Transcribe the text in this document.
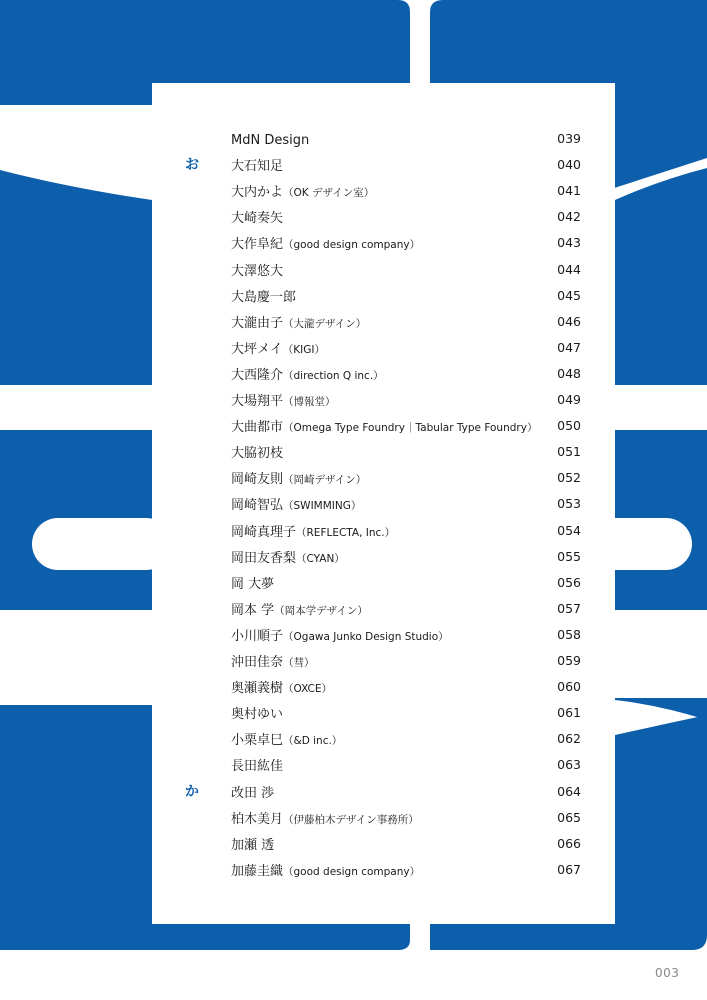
MdN Design	039
お	大石知足	040
大内かよ（OK デザイン室）	041
大崎奏矢	042
大作阜紀（good design company）	043
大澤悠大	044
大島慶一郎	045
大瀧由子（大瀧デザイン）	046
大坪メイ（KIGI）	047
大西隆介（direction Q inc.）	048
大場翔平（博報堂）	049
大曲都市（Omega Type Foundry｜Tabular Type Foundry） 050
大脇初枝	051
岡崎友則（岡崎デザイン）	052
岡崎智弘（SWIMMING）	053
岡崎真理子（REFLECTA, Inc.）	054
岡田友香梨（CYAN）	055
岡 大夢	056
岡本 学（岡本学デザイン）	057
小川順子（Ogawa Junko Design Studio）	058
沖田佳奈（彗）	059
奥瀬義樹（OXCE）	060
奥村ゆい	061
小栗卓巳（&D inc.）	062
長田紘佳	063
か	改田 渉	064
柏木美月（伊藤柏木デザイン事務所）	065
加瀬 透	066
加藤圭織（good design company）	067
003
